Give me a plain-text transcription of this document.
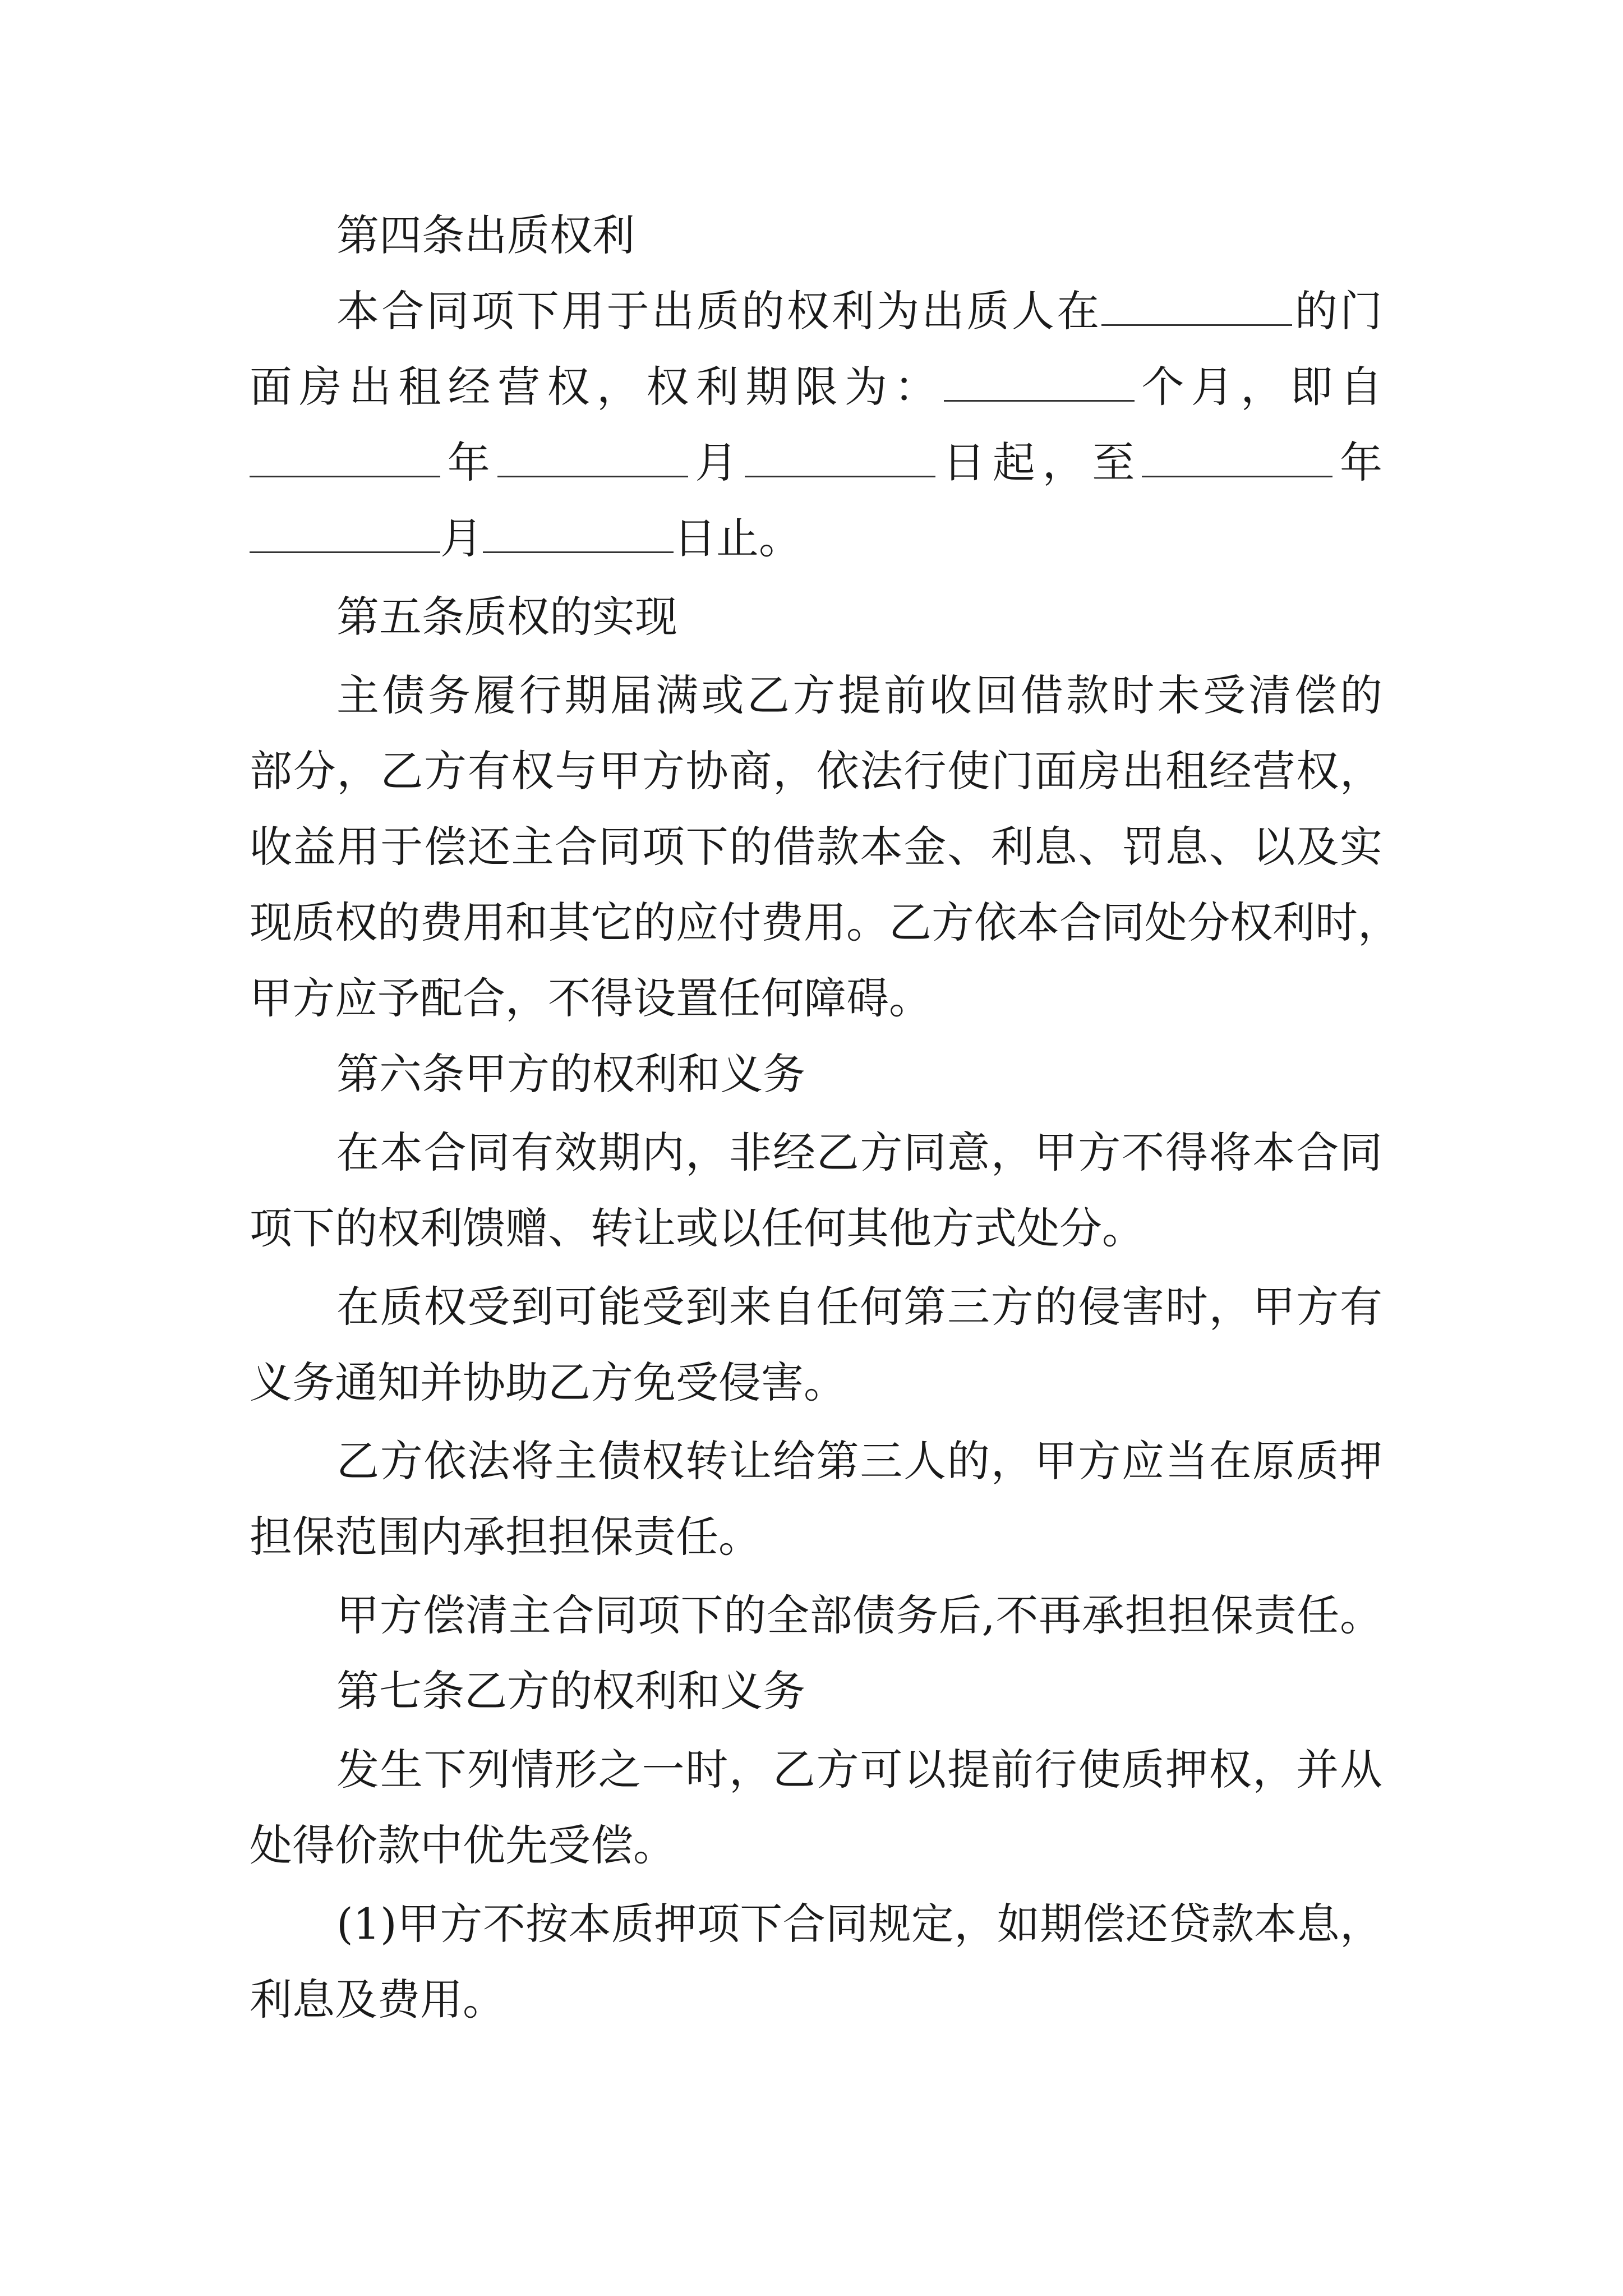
第四条出质权利
本合同项下用于出质的权利为出质人在	的门
面房出租经营权，权利期限为：	个月，即自
年	月	日起，至	年
月	日止。
第五条质权的实现
主债务履行期届满或乙方提前收回借款时未受清偿的
部分，乙方有权与甲方协商，依法行使门面房出租经营权，
收益用于偿还主合同项下的借款本金、利息、罚息、以及实
现质权的费用和其它的应付费用。乙方依本合同处分权利时，
甲方应予配合，不得设置任何障碍。
第六条甲方的权利和义务
在本合同有效期内，非经乙方同意，甲方不得将本合同
项下的权利馈赠、转让或以任何其他方式处分。
在质权受到可能受到来自任何第三方的侵害时，甲方有
义务通知并协助乙方免受侵害。
乙方依法将主债权转让给第三人的，甲方应当在原质押
担保范围内承担担保责任。
甲方偿清主合同项下的全部债务后,不再承担担保责任。
第七条乙方的权利和义务
发生下列情形之一时，乙方可以提前行使质押权，并从
处得价款中优先受偿。
(1)甲方不按本质押项下合同规定，如期偿还贷款本息，
利息及费用。
